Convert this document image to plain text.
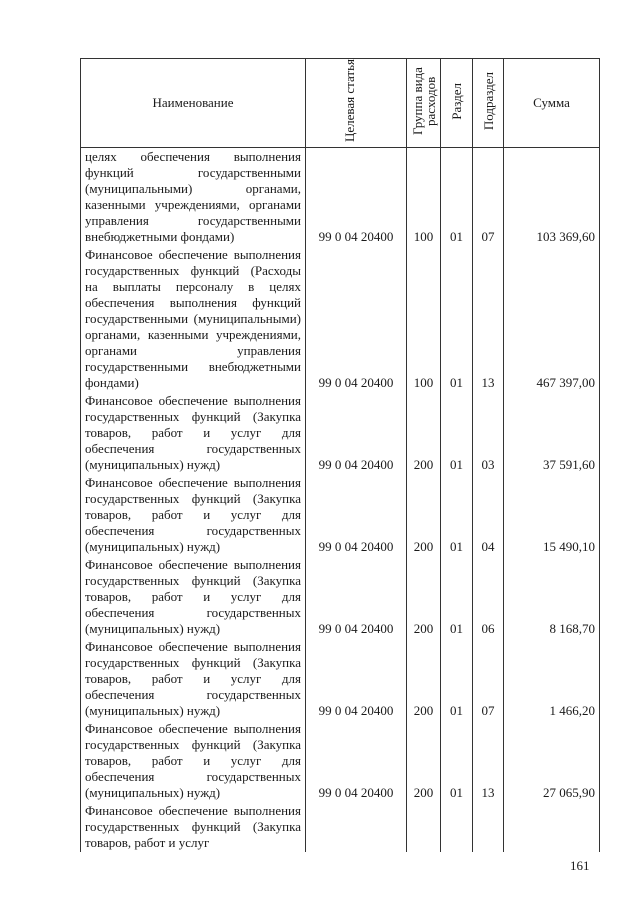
Наименование	Целевая статья	Группа вида расходов	Раздел	Подраздел	Сумма
целях обеспечения выполнения функций государственными (муниципальными) органами, казенными учреждениями, органами управления государственными внебюджетными фондами)	99 0 04 20400	100	01	07	103 369,60
Финансовое обеспечение выполнения государственных функций (Расходы на выплаты персоналу в целях обеспечения выполнения функций государственными (муниципальными) органами, казенными учреждениями, органами управления государственными внебюджетными фондами)	99 0 04 20400	100	01	13	467 397,00
Финансовое обеспечение выполнения государственных функций (Закупка товаров, работ и услуг для обеспечения государственных (муниципальных) нужд)	99 0 04 20400	200	01	03	37 591,60
Финансовое обеспечение выполнения государственных функций (Закупка товаров, работ и услуг для обеспечения государственных (муниципальных) нужд)	99 0 04 20400	200	01	04	15 490,10
Финансовое обеспечение выполнения государственных функций (Закупка товаров, работ и услуг для обеспечения государственных (муниципальных) нужд)	99 0 04 20400	200	01	06	8 168,70
Финансовое обеспечение выполнения государственных функций (Закупка товаров, работ и услуг для обеспечения государственных (муниципальных) нужд)	99 0 04 20400	200	01	07	1 466,20
Финансовое обеспечение выполнения государственных функций (Закупка товаров, работ и услуг для обеспечения государственных (муниципальных) нужд)	99 0 04 20400	200	01	13	27 065,90
Финансовое обеспечение выполнения государственных функций (Закупка товаров, работ и услуг					
161
